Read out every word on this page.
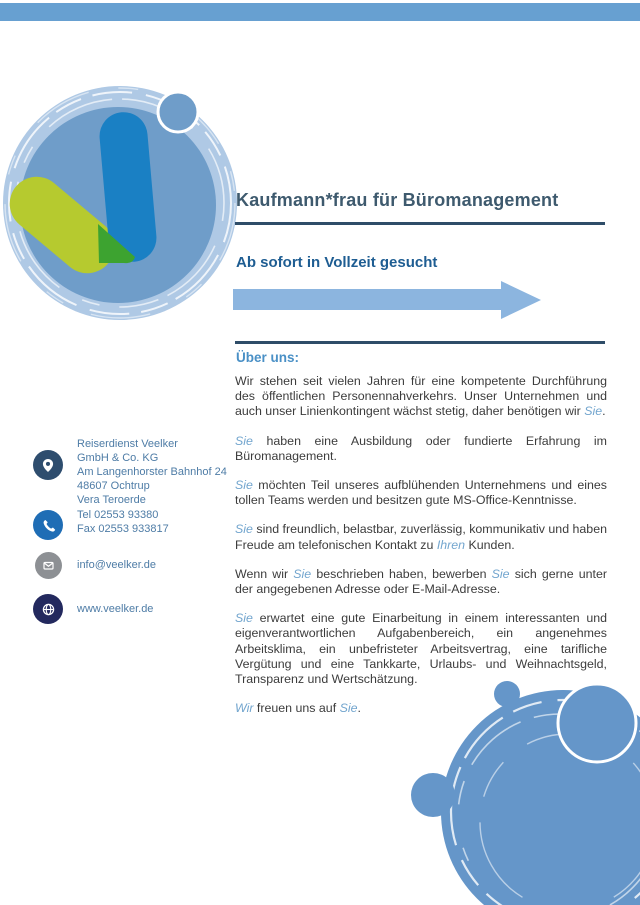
Kaufmann*frau für Büromanagement
Ab sofort in Vollzeit gesucht
Über uns:

Wir stehen seit vielen Jahren für eine kompetente Durchführung des öffentlichen Personennahverkehrs. Unser Unternehmen und auch unser Linienkontingent wächst stetig, daher benötigen wir Sie.

Sie haben eine Ausbildung oder fundierte Erfahrung im Büromanagement.

Sie möchten Teil unseres aufblühenden Unternehmens und eines tollen Teams werden und besitzen gute MS-Office-Kenntnisse.

Sie sind freundlich, belastbar, zuverlässig, kommunikativ und haben Freude am telefonischen Kontakt zu Ihren Kunden.

Wenn wir Sie beschrieben haben, bewerben Sie sich gerne unter der angegebenen Adresse oder E-Mail-Adresse.

Sie erwartet eine gute Einarbeitung in einem interessanten und eigenverantwortlichen Aufgabenbereich, ein angenehmes Arbeitsklima, ein unbefristeter Arbeitsvertrag, eine tarifliche Vergütung und eine Tankkarte, Urlaubs- und Weihnachtsgeld, Transparenz und Wertschätzung.

Wir freuen uns auf Sie.

Reiserdienst Veelker
GmbH & Co. KG
Am Langenhorster Bahnhof 24
48607 Ochtrup
Vera Teroerde
Tel 02553 93380
Fax 02553 933817
info@veelker.de
www.veelker.de
